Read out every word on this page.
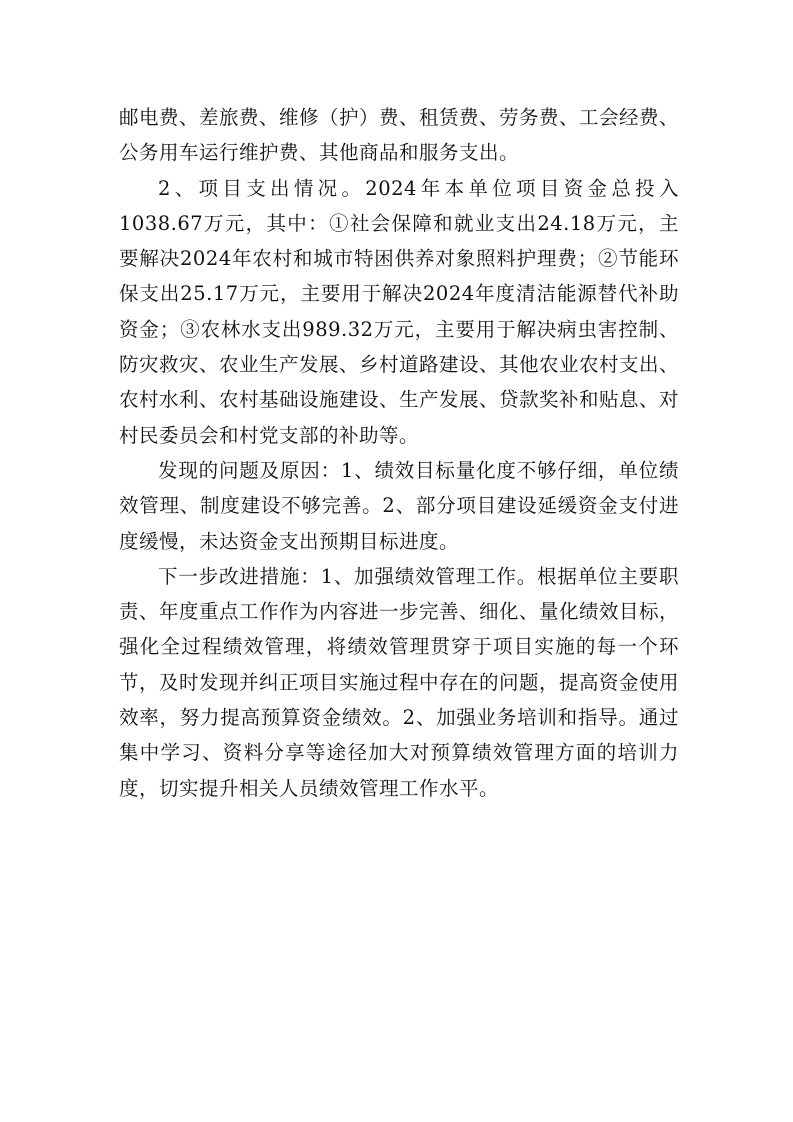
邮电费、差旅费、维修（护）费、租赁费、劳务费、工会经费、公务用车运行维护费、其他商品和服务支出。

2、项目支出情况。2024年本单位项目资金总投入1038.67万元，其中：①社会保障和就业支出24.18万元，主要解决2024年农村和城市特困供养对象照料护理费；②节能环保支出25.17万元，主要用于解决2024年度清洁能源替代补助资金；③农林水支出989.32万元，主要用于解决病虫害控制、防灾救灾、农业生产发展、乡村道路建设、其他农业农村支出、农村水利、农村基础设施建设、生产发展、贷款奖补和贴息、对村民委员会和村党支部的补助等。

发现的问题及原因：1、绩效目标量化度不够仔细，单位绩效管理、制度建设不够完善。2、部分项目建设延缓资金支付进度缓慢，未达资金支出预期目标进度。

下一步改进措施：1、加强绩效管理工作。根据单位主要职责、年度重点工作作为内容进一步完善、细化、量化绩效目标，强化全过程绩效管理，将绩效管理贯穿于项目实施的每一个环节，及时发现并纠正项目实施过程中存在的问题，提高资金使用效率，努力提高预算资金绩效。2、加强业务培训和指导。通过集中学习、资料分享等途径加大对预算绩效管理方面的培训力度，切实提升相关人员绩效管理工作水平。
